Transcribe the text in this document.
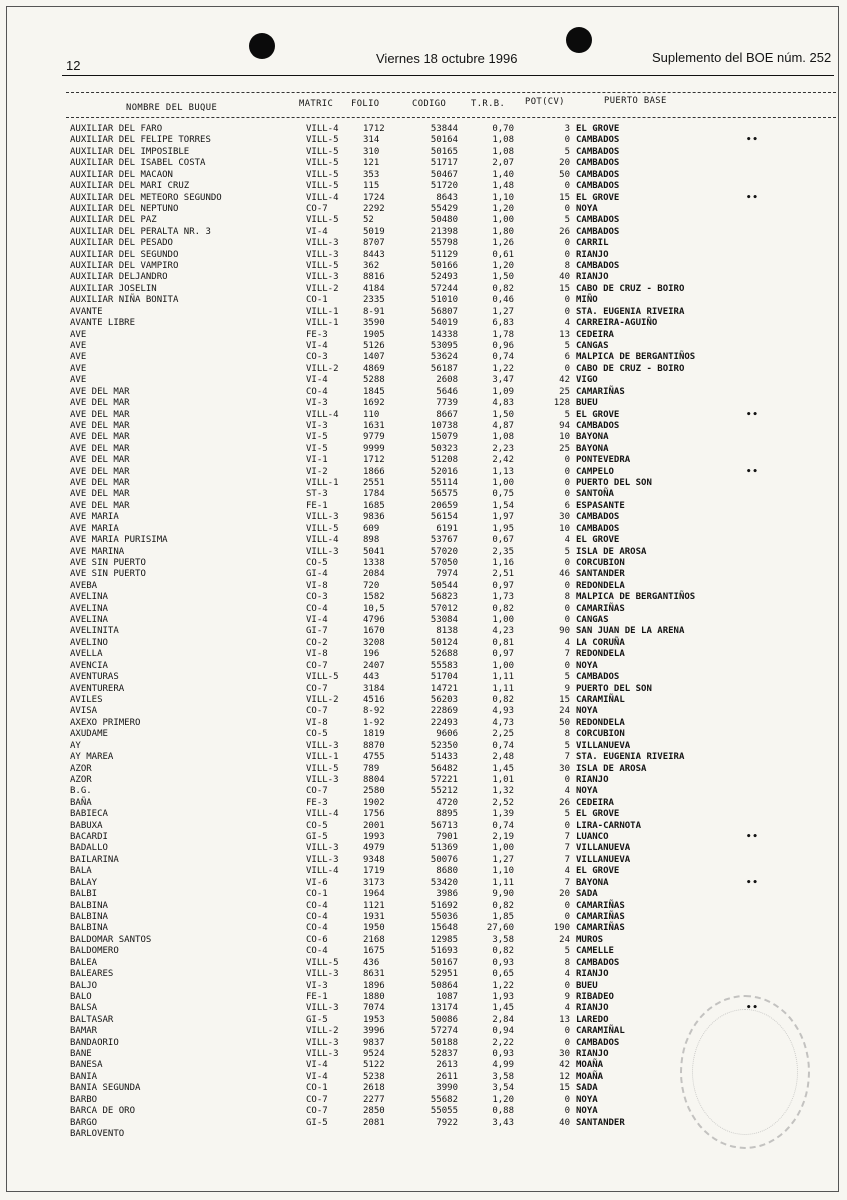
12	Viernes 18 octubre 1996	Suplemento del BOE núm. 252
NOMBRE DEL BUQUE	MATRIC FOLIO	CODIGO	T.R.B. POT(CV)	PUERTO BASE
AUXILIAR DEL FARO	VILL-4	1712	53844	0,70	3 EL GROVE
AUXILIAR DEL FELIPE TORRES	VILL-5	314	50164	1,08	0 CAMBADOS	••
AUXILIAR DEL IMPOSIBLE	VILL-5	310	50165	1,08	5 CAMBADOS
AUXILIAR DEL ISABEL COSTA	VILL-5	121	51717	2,07	20 CAMBADOS
AUXILIAR DEL MACAON	VILL-5	353	50467	1,40	50 CAMBADOS
AUXILIAR DEL MARI CRUZ	VILL-5	115	51720	1,48	0 CAMBADOS
AUXILIAR DEL METEORO SEGUNDO	VILL-4	1724	8643	1,10	15 EL GROVE	••
AUXILIAR DEL NEPTUNO	CO-7	2292	55429	1,20	0 NOYA
AUXILIAR DEL PAZ	VILL-5	52	50480	1,00	5 CAMBADOS
AUXILIAR DEL PERALTA NR. 3	VI-4	5019	21398	1,80	26 CAMBADOS
AUXILIAR DEL PESADO	VILL-3	8707	55798	1,26	0 CARRIL
AUXILIAR DEL SEGUNDO	VILL-3	8443	51129	0,61	0 RIANJO
AUXILIAR DEL VAMPIRO	VILL-5	362	50166	1,20	8 CAMBADOS
AUXILIAR DELJANDRO	VILL-3	8816	52493	1,50	40 RIANJO
AUXILIAR JOSELIN	VILL-2	4184	57244	0,82	15 CABO DE CRUZ - BOIRO
AUXILIAR NIÑA BONITA	CO-1	2335	51010	0,46	0 MIÑO
AVANTE	VILL-1	8-91	56807	1,27	0 STA. EUGENIA RIVEIRA
AVANTE LIBRE	VILL-1	3590	54019	6,83	4 CARREIRA-AGUIÑO
AVE	FE-3	1905	14338	1,78	13 CEDEIRA
AVE	VI-4	5126	53095	0,96	5 CANGAS
AVE	CO-3	1407	53624	0,74	6 MALPICA DE BERGANTIÑOS
AVE	VILL-2	4869	56187	1,22	0 CABO DE CRUZ - BOIRO
AVE	VI-4	5288	2608	3,47	42 VIGO
AVE DEL MAR	CO-4	1845	5646	1,09	25 CAMARIÑAS
AVE DEL MAR	VI-3	1692	7739	4,83	128 BUEU
AVE DEL MAR	VILL-4	110	8667	1,50	5 EL GROVE	••
AVE DEL MAR	VI-3	1631	10738	4,87	94 CAMBADOS
AVE DEL MAR	VI-5	9779	15079	1,08	10 BAYONA
AVE DEL MAR	VI-5	9999	50323	2,23	25 BAYONA
AVE DEL MAR	VI-1	1712	51208	2,42	0 PONTEVEDRA
AVE DEL MAR	VI-2	1866	52016	1,13	0 CAMPELO	••
AVE DEL MAR	VILL-1	2551	55114	1,00	0 PUERTO DEL SON
AVE DEL MAR	ST-3	1784	56575	0,75	0 SANTOÑA
AVE DEL MAR	FE-1	1685	20659	1,54	6 ESPASANTE
AVE MARIA	VILL-3	9836	56154	1,97	30 CAMBADOS
AVE MARIA	VILL-5	609	6191	1,95	10 CAMBADOS
AVE MARIA PURISIMA	VILL-4	898	53767	0,67	4 EL GROVE
AVE MARINA	VILL-3	5041	57020	2,35	5 ISLA DE AROSA
AVE SIN PUERTO	CO-5	1338	57050	1,16	0 CORCUBION
AVE SIN PUERTO	GI-4	2084	7974	2,51	46 SANTANDER
AVEBA	VI-8	720	50544	0,97	0 REDONDELA
AVELINA	CO-3	1582	56823	1,73	8 MALPICA DE BERGANTIÑOS
AVELINA	CO-4	10,5	57012	0,82	0 CAMARIÑAS
AVELINA	VI-4	4796	53084	1,00	0 CANGAS
AVELINITA	GI-7	1670	8138	4,23	90 SAN JUAN DE LA ARENA
AVELINO	CO-2	3208	50124	0,81	4 LA CORUÑA
AVELLA	VI-8	196	52688	0,97	7 REDONDELA
AVENCIA	CO-7	2407	55583	1,00	0 NOYA
AVENTURAS	VILL-5	443	51704	1,11	5 CAMBADOS
AVENTURERA	CO-7	3184	14721	1,11	9 PUERTO DEL SON
AVILES	VILL-2	4516	56203	0,82	15 CARAMIÑAL
AVISA	CO-7	8-92	22869	4,93	24 NOYA
AXEXO PRIMERO	VI-8	1-92	22493	4,73	50 REDONDELA
AXUDAME	CO-5	1819	9606	2,25	8 CORCUBION
AY	VILL-3	8870	52350	0,74	5 VILLANUEVA
AY MAREA	VILL-1	4755	51433	2,48	7 STA. EUGENIA RIVEIRA
AZOR	VILL-5	789	56482	1,45	30 ISLA DE AROSA
AZOR	VILL-3	8804	57221	1,01	0 RIANJO
B.G.	CO-7	2580	55212	1,32	4 NOYA
BAÑA	FE-3	1902	4720	2,52	26 CEDEIRA
BABIECA	VILL-4	1756	8895	1,39	5 EL GROVE
BABUXA	CO-5	2001	56713	0,74	0 LIRA-CARNOTA
BACARDI	GI-5	1993	7901	2,19	7 LUANCO	••
BADALLO	VILL-3	4979	51369	1,00	7 VILLANUEVA
BAILARINA	VILL-3	9348	50076	1,27	7 VILLANUEVA
BALA	VILL-4	1719	8680	1,10	4 EL GROVE
BALAY	VI-6	3173	53420	1,11	7 BAYONA	••
BALBI	CO-1	1964	3986	9,90	20 SADA
BALBINA	CO-4	1121	51692	0,82	0 CAMARIÑAS
BALBINA	CO-4	1931	55036	1,85	0 CAMARIÑAS
BALBINA	CO-4	1950	15648	27,60	190 CAMARIÑAS
BALDOMAR SANTOS	CO-6	2168	12985	3,58	24 MUROS
BALDOMERO	CO-4	1675	51693	0,82	5 CAMELLE
BALEA	VILL-5	436	50167	0,93	8 CAMBADOS
BALEARES	VILL-3	8631	52951	0,65	4 RIANJO
BALJO	VI-3	1896	50864	1,22	0 BUEU
BALO	FE-1	1880	1087	1,93	9 RIBADEO
BALSA	VILL-3	7074	13174	1,45	4 RIANJO	••
BALTASAR	GI-5	1953	50086	2,84	13 LAREDO
BAMAR	VILL-2	3996	57274	0,94	0 CARAMIÑAL
BANDAORIO	VILL-3	9837	50188	2,22	0 CAMBADOS
BANE	VILL-3	9524	52837	0,93	30 RIANJO
BANESA	VI-4	5122	2613	4,99	42 MOAÑA
BANIA	VI-4	5238	2611	3,58	12 MOAÑA
BANIA SEGUNDA	CO-1	2618	3990	3,54	15 SADA
BARBO	CO-7	2277	55682	1,20	0 NOYA
BARCA DE ORO	CO-7	2850	55055	0,88	0 NOYA
BARGO	GI-5	2081	7922	3,43	40 SANTANDER
BARLOVENTO
